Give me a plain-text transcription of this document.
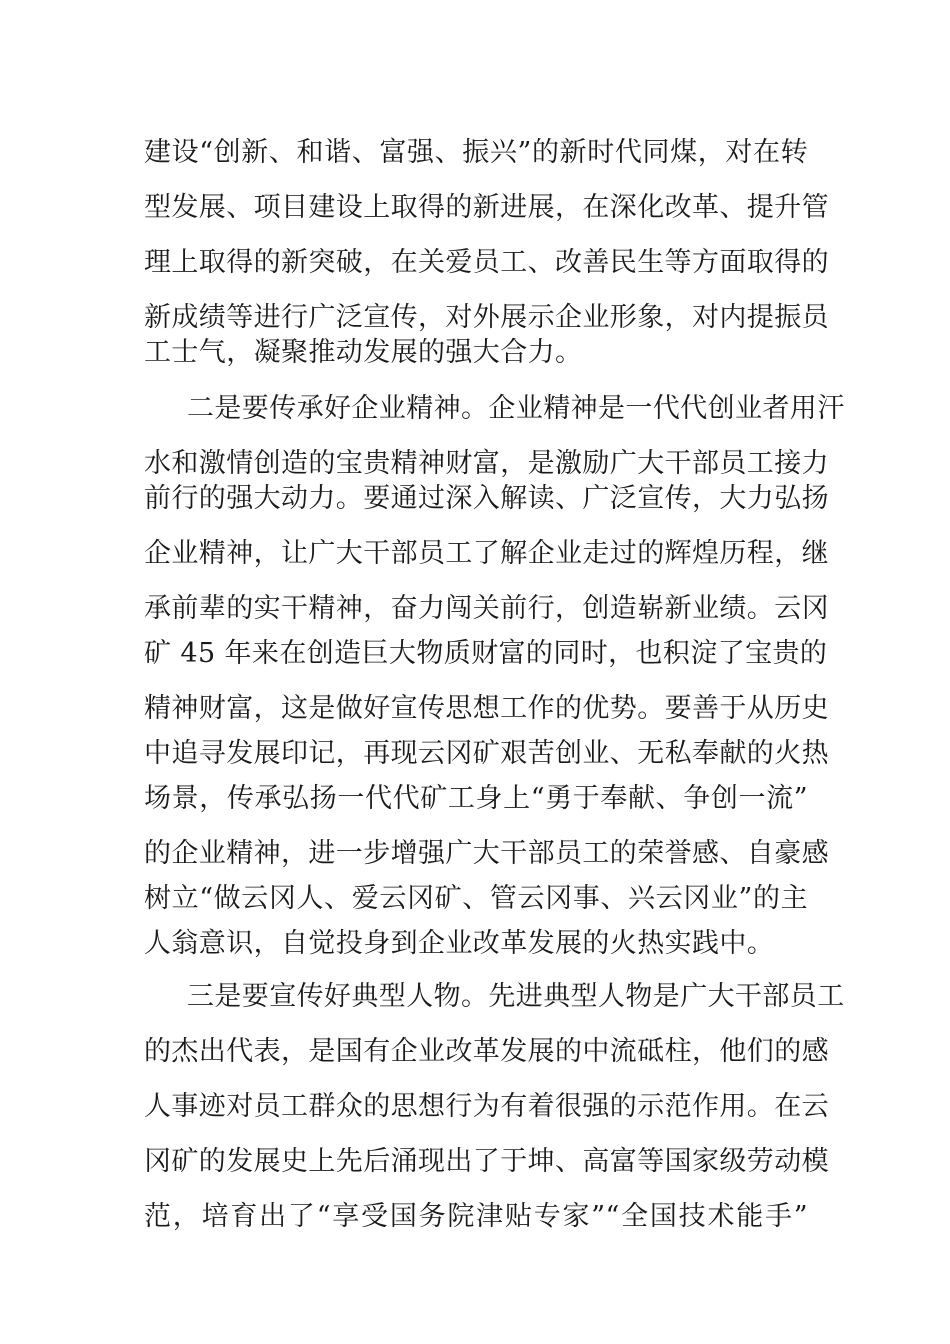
建设“创新、和谐、富强、振兴”的新时代同煤，对在转
型发展、项目建设上取得的新进展，在深化改革、提升管
理上取得的新突破，在关爱员工、改善民生等方面取得的
新成绩等进行广泛宣传，对外展示企业形象，对内提振员
工士气，凝聚推动发展的强大合力。
二是要传承好企业精神。企业精神是一代代创业者用汗
水和激情创造的宝贵精神财富，是激励广大干部员工接力
前行的强大动力。要通过深入解读、广泛宣传，大力弘扬
企业精神，让广大干部员工了解企业走过的辉煌历程，继
承前辈的实干精神，奋力闯关前行，创造崭新业绩。云冈
矿 45 年来在创造巨大物质财富的同时，也积淀了宝贵的
精神财富，这是做好宣传思想工作的优势。要善于从历史
中追寻发展印记，再现云冈矿艰苦创业、无私奉献的火热
场景，传承弘扬一代代矿工身上“勇于奉献、争创一流”
的企业精神，进一步增强广大干部员工的荣誉感、自豪感
树立“做云冈人、爱云冈矿、管云冈事、兴云冈业”的主
人翁意识，自觉投身到企业改革发展的火热实践中。
三是要宣传好典型人物。先进典型人物是广大干部员工
的杰出代表，是国有企业改革发展的中流砥柱，他们的感
人事迹对员工群众的思想行为有着很强的示范作用。在云
冈矿的发展史上先后涌现出了于坤、高富等国家级劳动模
范，培育出了“享受国务院津贴专家”“全国技术能手”
